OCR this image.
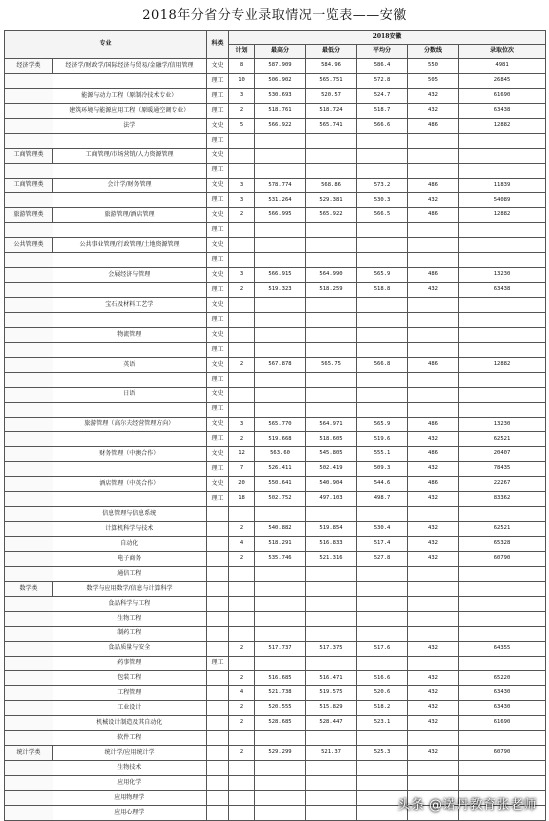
2018年分省分专业录取情况一览表——安徽
专业		科类	2018安徽					
			计划	最高分	最低分	平均分	分数线	录取位次
经济学类	经济学/财政学/国际经济与贸易/金融学/信用管理	文史	8	587.909	584.96	586.4	550	4981
		理工	10	506.902	565.751	572.8	505	26845
	能源与动力工程（原制冷技术专业）	理工	3	530.693	520.57	524.7	432	61690
	建筑环境与能源应用工程（原暖通空调专业）	理工	2	518.761	518.724	518.7	432	63438
	法学	文史	5	566.922	565.741	566.6	486	12882
		理工						
工商管理类	工商管理/市场营销/人力资源管理	文史						
		理工						
工商管理类	会计学/财务管理	文史	3	578.774	568.86	573.2	486	11839
		理工	3	531.264	529.381	530.3	432	54089
旅游管理类	旅游管理/酒店管理	文史	2	566.995	565.922	566.5	486	12882
		理工						
公共管理类	公共事业管理/行政管理/土地资源管理	文史						
		理工						
	会展经济与管理	文史	3	566.915	564.990	565.9	486	13230
		理工	2	519.323	518.259	518.8	432	63438
	宝石及材料工艺学	文史						
		理工						
	物流管理	文史						
		理工						
	英语	文史	2	567.878	565.75	566.8	486	12882
		理工						
	日语	文史						
		理工						
	旅游管理（高尔夫经营管理方向）	文史	3	565.770	564.971	565.9	486	13230
		理工	2	519.668	518.605	519.6	432	62521
	财务管理（中澳合作）	文史	12	563.60	545.805	555.1	486	20407
		理工	7	526.411	502.419	509.3	432	78435
	酒店管理（中英合作）	文史	20	550.641	540.904	544.6	486	22267
		理工	18	502.752	497.103	498.7	432	83362
	信息管理与信息系统							
	计算机科学与技术		2	540.882	519.854	530.4	432	62521
	自动化		4	518.291	516.833	517.4	432	65328
	电子商务		2	535.746	521.316	527.8	432	60790
	通信工程							
数学类	数学与应用数学/信息与计算科学							
	食品科学与工程							
	生物工程							
	制药工程							
	食品质量与安全		2	517.737	517.375	517.6	432	64355
	药事管理	理工						
	包装工程		2	516.685	516.471	516.6	432	65220
	工程管理		4	521.738	519.575	520.6	432	63430
	工业设计		2	520.555	515.829	518.2	432	63430
	机械设计制造及其自动化		2	528.685	528.447	523.1	432	61690
	软件工程							
统计学类	统计学/应用统计学		2	529.299	521.37	525.3	432	60790
	生物技术							
	应用化学							
	应用物理学							
	应用心理学								头条 @诺丹教育张老师
